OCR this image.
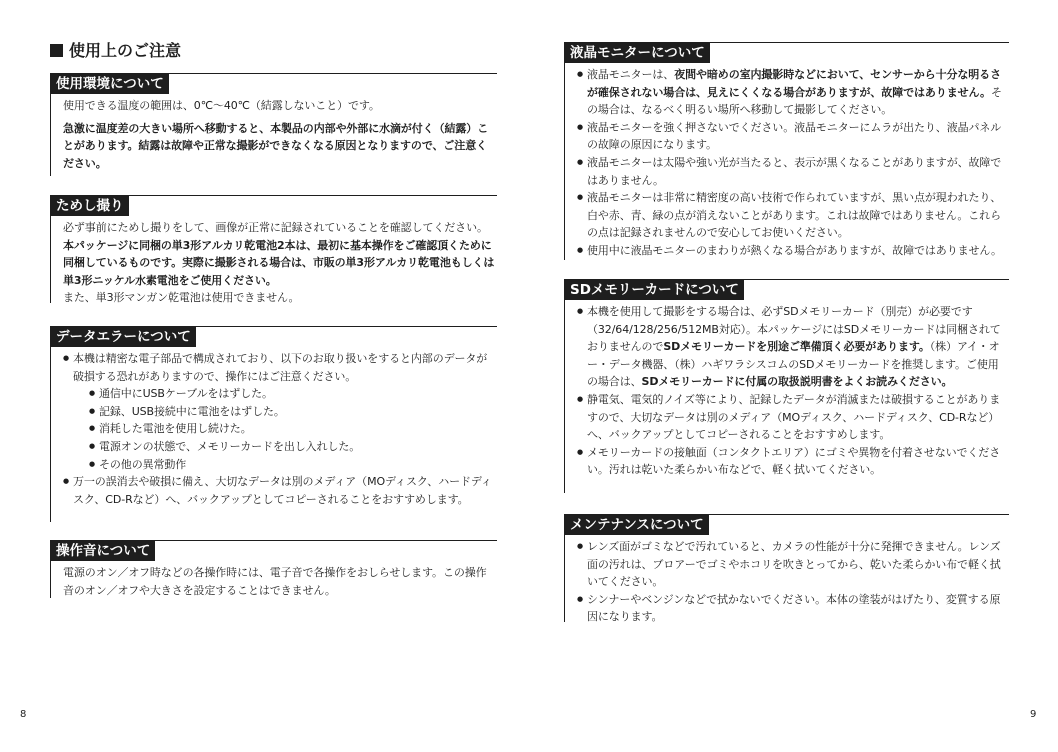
使用上のご注意
使用環境について

使用できる温度の範囲は、0℃～40℃（結露しないこと）です。

急激に温度差の大きい場所へ移動すると、本製品の内部や外部に水滴が付く（結露）ことがあります。結露は故障や正常な撮影ができなくなる原因となりますので、ご注意ください。

ためし撮り

必ず事前にためし撮りをして、画像が正常に記録されていることを確認してください。

本パッケージに同梱の単3形アルカリ乾電池2本は、最初に基本操作をご確認頂くために同梱しているものです。実際に撮影される場合は、市販の単3形アルカリ乾電池もしくは単3形ニッケル水素電池をご使用ください。

また、単3形マンガン乾電池は使用できません。

データエラーについて
● 本機は精密な電子部品で構成されており、以下のお取り扱いをすると内部のデータが破損する恐れがありますので、操作にはご注意ください。
● 通信中にUSBケーブルをはずした。
● 記録、USB接続中に電池をはずした。
● 消耗した電池を使用し続けた。
● 電源オンの状態で、メモリーカードを出し入れした。
● その他の異常動作
● 万一の誤消去や破損に備え、大切なデータは別のメディア（MOディスク、ハードディスク、CD-Rなど）へ、バックアップとしてコピーされることをおすすめします。
操作音について

電源のオン／オフ時などの各操作時には、電子音で各操作をおしらせします。この操作音のオン／オフや大きさを設定することはできません。

8
液晶モニターについて
● 液晶モニターは、夜間や暗めの室内撮影時などにおいて、センサーから十分な明るさが確保されない場合は、見えにくくなる場合がありますが、故障ではありません。その場合は、なるべく明るい場所へ移動して撮影してください。
● 液晶モニターを強く押さないでください。液晶モニターにムラが出たり、液晶パネルの故障の原因になります。
● 液晶モニターは太陽や強い光が当たると、表示が黒くなることがありますが、故障ではありません。
● 液晶モニターは非常に精密度の高い技術で作られていますが、黒い点が現われたり、白や赤、青、緑の点が消えないことがあります。これは故障ではありません。これらの点は記録されませんので安心してお使いください。
● 使用中に液晶モニターのまわりが熱くなる場合がありますが、故障ではありません。
SDメモリーカードについて
● 本機を使用して撮影をする場合は、必ずSDメモリーカード（別売）が必要です（32/64/128/256/512MB対応）。本パッケージにはSDメモリーカードは同梱されておりませんのでSDメモリーカードを別途ご準備頂く必要があります。（株）アイ・オー・データ機器、（株）ハギワラシスコムのSDメモリーカードを推奨します。ご使用の場合は、SDメモリーカードに付属の取扱説明書をよくお読みください。
● 静電気、電気的ノイズ等により、記録したデータが消滅または破損することがありますので、大切なデータは別のメディア（MOディスク、ハードディスク、CD-Rなど）へ、バックアップとしてコピーされることをおすすめします。
● メモリーカードの接触面（コンタクトエリア）にゴミや異物を付着させないでください。汚れは乾いた柔らかい布などで、軽く拭いてください。
メンテナンスについて
● レンズ面がゴミなどで汚れていると、カメラの性能が十分に発揮できません。レンズ面の汚れは、ブロアーでゴミやホコリを吹きとってから、乾いた柔らかい布で軽く拭いてください。
● シンナーやベンジンなどで拭かないでください。本体の塗装がはげたり、変質する原因になります。
9
